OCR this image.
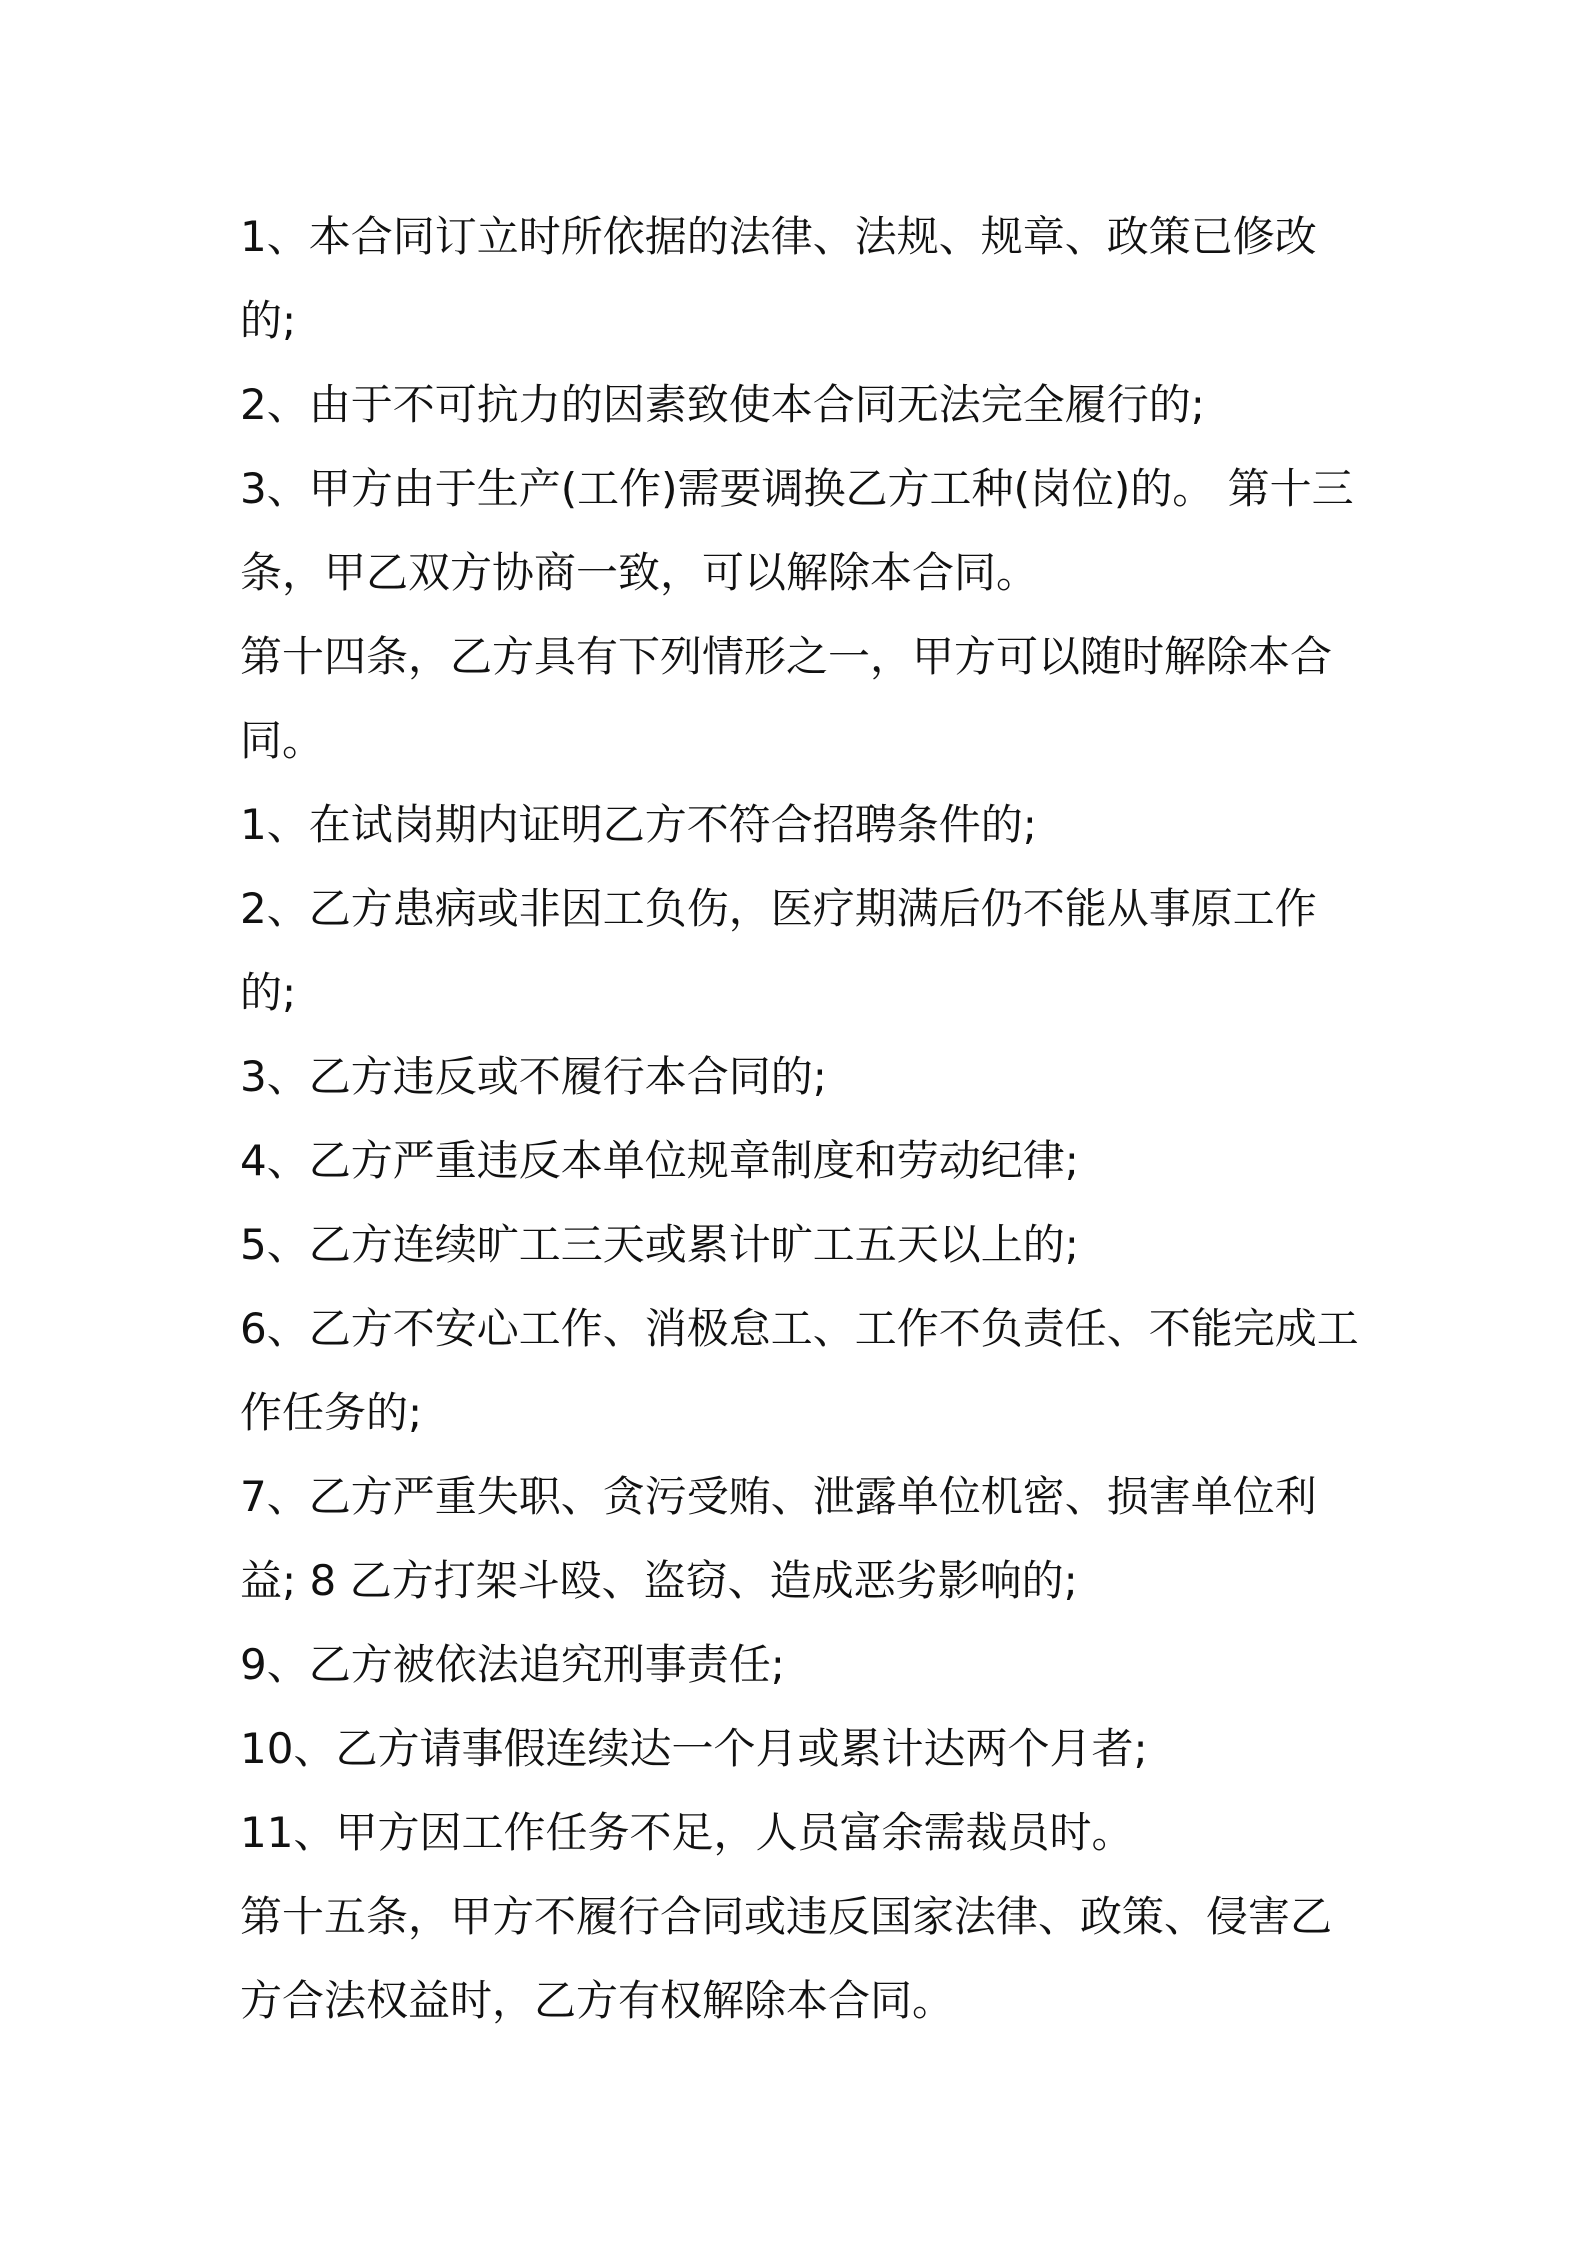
1、本合同订立时所依据的法律、法规、规章、政策已修改的;

2、由于不可抗力的因素致使本合同无法完全履行的;

3、甲方由于生产(工作)需要调换乙方工种(岗位)的。 第十三条，甲乙双方协商一致，可以解除本合同。

第十四条，乙方具有下列情形之一，甲方可以随时解除本合同。

1、在试岗期内证明乙方不符合招聘条件的;

2、乙方患病或非因工负伤，医疗期满后仍不能从事原工作的;

3、乙方违反或不履行本合同的;

4、乙方严重违反本单位规章制度和劳动纪律;

5、乙方连续旷工三天或累计旷工五天以上的;

6、乙方不安心工作、消极怠工、工作不负责任、不能完成工作任务的;

7、乙方严重失职、贪污受贿、泄露单位机密、损害单位利益; 8 乙方打架斗殴、盗窃、造成恶劣影响的;

9、乙方被依法追究刑事责任;

10、乙方请事假连续达一个月或累计达两个月者;

11、甲方因工作任务不足，人员富余需裁员时。

第十五条，甲方不履行合同或违反国家法律、政策、侵害乙方合法权益时，乙方有权解除本合同。
